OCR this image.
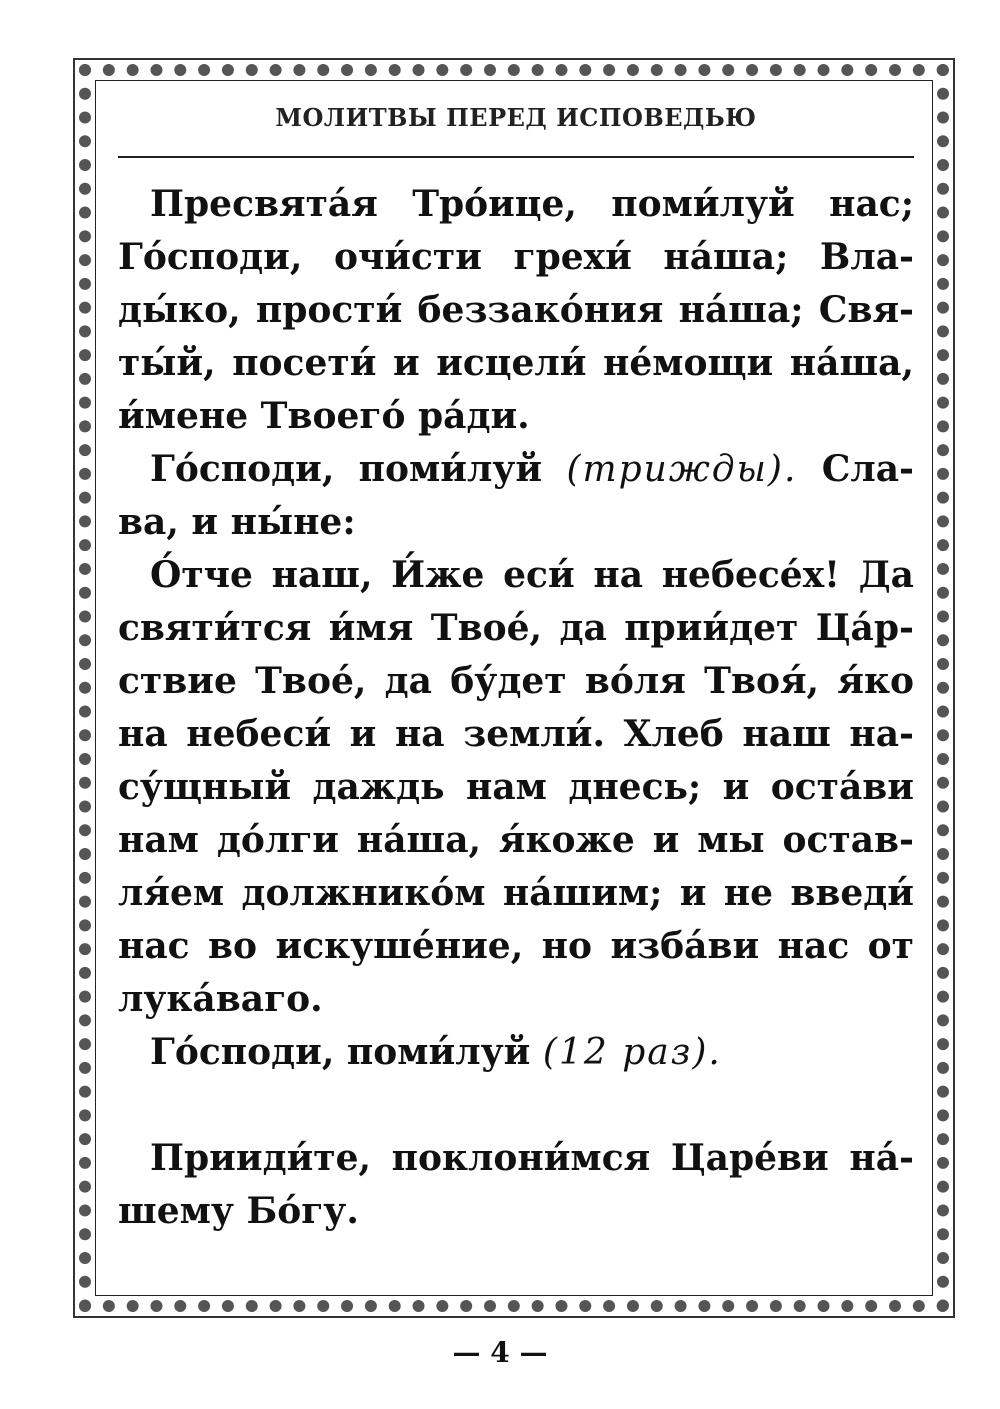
МОЛИТВЫ ПЕРЕД ИСПОВЕДЬЮ
Пресвята́я Тро́ице, поми́луй нас;
Го́споди, очи́сти грехи́ на́ша; Вла-
ды́ко, прости́ беззако́ния на́ша; Свя-
ты́й, посети́ и исцели́ не́мощи на́ша,
и́мене Твоего́ ра́ди.
Го́споди, поми́луй (трижды). Сла-
ва, и ны́не:
О́тче наш, И́же еси́ на небесе́х! Да
святи́тся и́мя Твое́, да прии́дет Ца́р-
ствие Твое́, да бу́дет во́ля Твоя́, я́ко
на небеси́ и на земли́. Хлеб наш на-
су́щный даждь нам днесь; и оста́ви
нам до́лги на́ша, я́коже и мы остав-
ля́ем должнико́м на́шим; и не введи́
нас во искуше́ние, но изба́ви нас от
лука́ваго.
Го́споди, поми́луй (12 раз).
Прииди́те, поклони́мся Царе́ви на́-
шему Бо́гу.
— 4 —
